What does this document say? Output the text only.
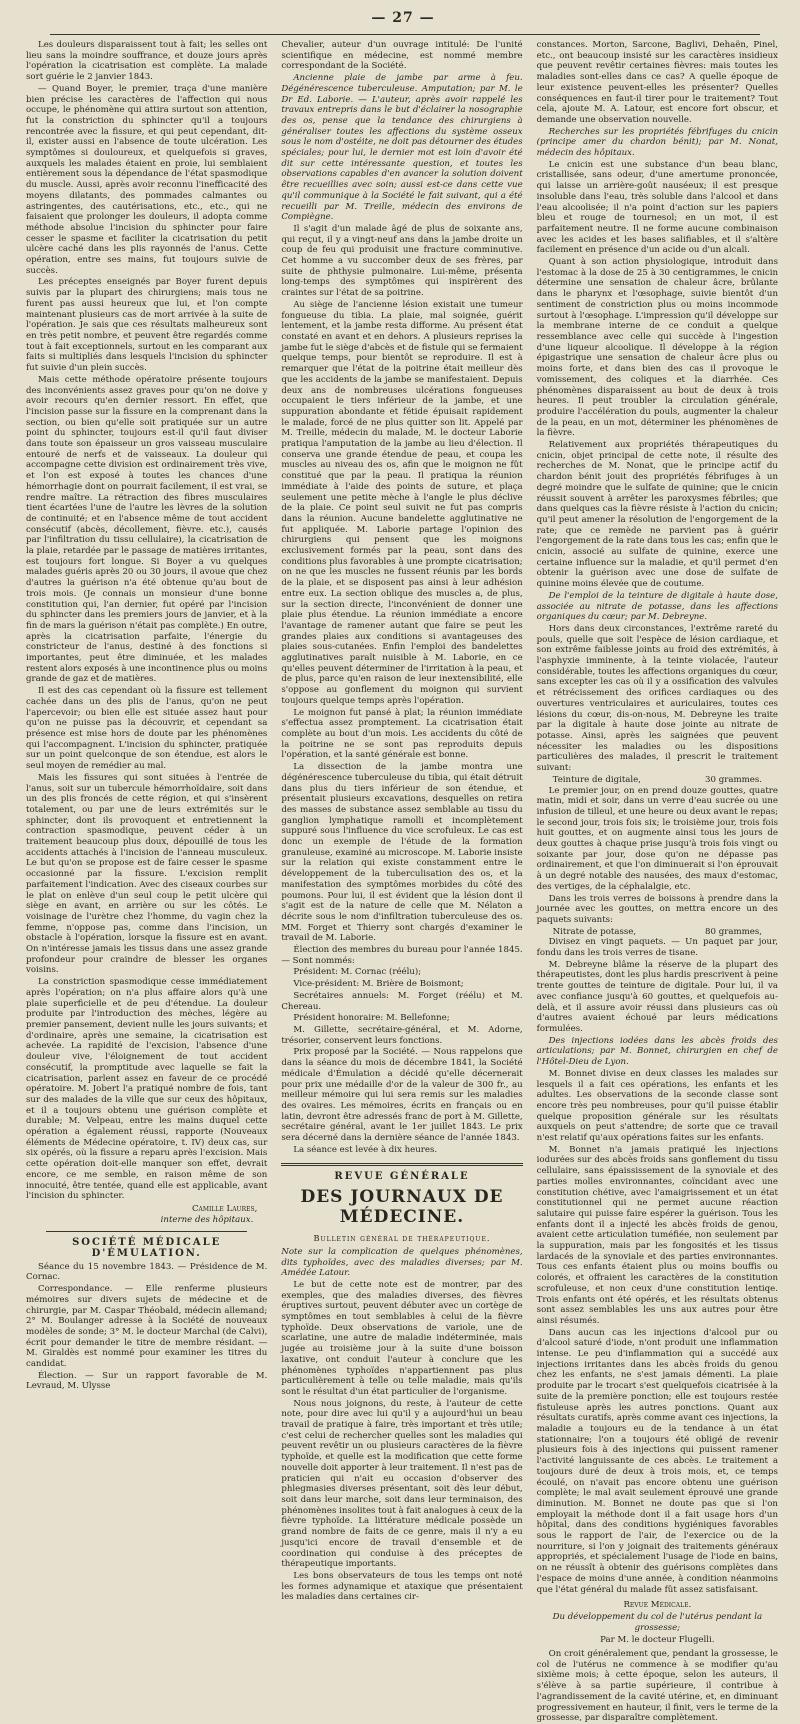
— 27 —

Les douleurs disparaissent tout à fait; les selles ont lieu sans la moindre souffrance, et douze jours après l'opération la cicatrisation est complète. La malade sort guérie le 2 janvier 1843.

— Quand Boyer, le premier, traça d'une manière bien précise les caractères de l'affection qui nous occupe, le phénomène qui attira surtout son attention, fut la constriction du sphincter qu'il a toujours rencontrée avec la fissure, et qui peut cependant, dit-il, exister aussi en l'absence de toute ulcération. Les symptômes si douloureux, et quelquefois si graves, auxquels les malades étaient en proie, lui semblaient entièrement sous la dépendance de l'état spasmodique du muscle. Aussi, après avoir reconnu l'inefficacité des moyens dilatants, des pommades calmantes ou astringentes, des cautérisations, etc., etc., qui ne faisaient que prolonger les douleurs, il adopta comme méthode absolue l'incision du sphincter pour faire cesser le spasme et faciliter la cicatrisation du petit ulcère caché dans les plis rayonnés de l'anus. Cette opération, entre ses mains, fut toujours suivie de succès.

Les préceptes enseignés par Boyer furent depuis suivis par la plupart des chirurgiens; mais tous ne furent pas aussi heureux que lui, et l'on compte maintenant plusieurs cas de mort arrivée à la suite de l'opération. Je sais que ces résultats malheureux sont en très petit nombre, et peuvent être regardés comme tout à fait exceptionnels, surtout en les comparant aux faits si multipliés dans lesquels l'incision du sphincter fut suivie d'un plein succès.

Mais cette méthode opératoire présente toujours des inconvénients assez graves pour qu'on ne doive y avoir recours qu'en dernier ressort. En effet, que l'incision passe sur la fissure en la comprenant dans la section, ou bien qu'elle soit pratiquée sur un autre point du sphincter, toujours est-il qu'il faut diviser dans toute son épaisseur un gros vaisseau musculaire entouré de nerfs et de vaisseaux. La douleur qui accompagne cette division est ordinairement très vive, et l'on est exposé à toutes les chances d'une hémorrhagie dont on pourrait facilement, il est vrai, se rendre maître. La rétraction des fibres musculaires tient écartées l'une de l'autre les lèvres de la solution de continuité; et en l'absence même de tout accident consécutif (abcès, décollement, fièvre. etc.), causés par l'infiltration du tissu cellulaire), la cicatrisation de la plaie, retardée par le passage de matières irritantes, est toujours fort longue. Si Boyer a vu quelques malades guéris après 20 ou 30 jours, il avoue que chez d'autres la guérison n'a été obtenue qu'au bout de trois mois. (Je connais un monsieur d'une bonne constitution qui, l'an dernier, fut opéré par l'incision du sphincter dans les premiers jours de janvier, et à la fin de mars la guérison n'était pas complète.) En outre, après la cicatrisation parfaite, l'énergie du constricteur de l'anus, destiné à des fonctions si importantes, peut être diminuée, et les malades restent alors exposés à une incontinence plus ou moins grande de gaz et de matières.

Il est des cas cependant où la fissure est tellement cachée dans un des plis de l'anus, qu'on ne peut l'apercevoir; ou bien elle est située assez haut pour qu'on ne puisse pas la découvrir, et cependant sa présence est mise hors de doute par les phénomènes qui l'accompagnent. L'incision du sphincter, pratiquée sur un point quelconque de son étendue, est alors le seul moyen de remédier au mal.

Mais les fissures qui sont situées à l'entrée de l'anus, soit sur un tubercule hémorrhoïdaire, soit dans un des plis froncés de cette région, et qui s'insèrent totalement, ou par une de leurs extrémités sur le sphincter, dont ils provoquent et entretiennent la contraction spasmodique, peuvent céder à un traitement beaucoup plus doux, dépouillé de tous les accidents attachés à l'incision de l'anneau musculeux. Le but qu'on se propose est de faire cesser le spasme occasionné par la fissure. L'excision remplit parfaitement l'indication. Avec des ciseaux courbes sur le plat on enlève d'un seul coup le petit ulcère qui siège en avant, en arrière ou sur les côtés. Le voisinage de l'urètre chez l'homme, du vagin chez la femme, n'oppose pas, comme dans l'incision, un obstacle à l'opération, lorsque la fissure est en avant. On n'intéresse jamais les tissus dans une assez grande profondeur pour craindre de blesser les organes voisins.

La constriction spasmodique cesse immédiatement après l'opération; on n'a plus affaire alors qu'à une plaie superficielle et de peu d'étendue. La douleur produite par l'introduction des mèches, légère au premier pansement, devient nulle les jours suivants; et d'ordinaire, après une semaine, la cicatrisation est achevée. La rapidité de l'excision, l'absence d'une douleur vive, l'éloignement de tout accident consécutif, la promptitude avec laquelle se fait la cicatrisation, parlent assez en faveur de ce procédé opératoire. M. Jobert l'a pratiqué nombre de fois, tant sur des malades de la ville que sur ceux des hôpitaux, et il a toujours obtenu une guérison complète et durable; M. Velpeau, entre les mains duquel cette opération a également réussi, rapporte (Nouveaux éléments de Médecine opératoire, t. IV) deux cas, sur six opérés, où la fissure a reparu après l'excision. Mais cette opération doit-elle manquer son effet, devrait encore, ce me semble, en raison même de son innocuité, être tentée, quand elle est applicable, avant l'incision du sphincter.

Camille Laures,
interne des hôpitaux.
SOCIÉTÉ MÉDICALE D'ÉMULATION.

Séance du 15 novembre 1843. — Présidence de M. Cornac.

Correspondance. — Elle renferme plusieurs mémoires sur divers sujets de médecine et de chirurgie, par M. Caspar Théobald, médecin allemand; 2° M. Boulanger adresse à la Société de nouveaux modèles de sonde; 3° M. le docteur Marchal (de Calvi), écrit pour demander le titre de membre résidant. — M. Giraldès est nommé pour examiner les titres du candidat.

Élection. — Sur un rapport favorable de M. Levraud, M. Ulysse

Chevalier, auteur d'un ouvrage intitulé: De l'unité scientifique en médecine, est nommé membre correspondant de la Société.

Ancienne plaie de jambe par arme à feu. Dégénérescence tuberculeuse. Amputation; par M. le Dr Ed. Laborie. — L'auteur, après avoir rappelé les travaux entrepris dans le but d'éclairer la nosographie des os, pense que la tendance des chirurgiens à généraliser toutes les affections du système osseux sous le nom d'ostéite, ne doit pas détourner des études spéciales; pour lui, le dernier mot est loin d'avoir été dit sur cette intéressante question, et toutes les observations capables d'en avancer la solution doivent être recueillies avec soin; aussi est-ce dans cette vue qu'il communique à la Société le fait suivant, qui a été recueilli par M. Treille, médecin des environs de Compiègne.

Il s'agit d'un malade âgé de plus de soixante ans, qui reçut, il y a vingt-neuf ans dans la jambe droite un coup de feu qui produisit une fracture comminutive. Cet homme a vu succomber deux de ses frères, par suite de phthysie pulmonaire. Lui-même, présenta long-temps des symptômes qui inspirèrent des craintes sur l'état de sa poitrine.

Au siège de l'ancienne lésion existait une tumeur fongueuse du tibia. La plaie, mal soignée, guérit lentement, et la jambe resta difforme. Au présent état constaté en avant et en dehors. A plusieurs reprises la jambe fut le siège d'abcès et de fistule qui se fermaient quelque temps, pour bientôt se reproduire. Il est à remarquer que l'état de la poitrine était meilleur dès que les accidents de la jambe se manifestaient. Depuis deux ans de nombreuses ulcérations fongueuses occupaient le tiers inférieur de la jambe, et une suppuration abondante et fétide épuisait rapidement le malade, forcé de ne plus quitter son lit. Appelé par M. Treille, médecin du malade, M. le docteur Laborie pratiqua l'amputation de la jambe au lieu d'élection. Il conserva une grande étendue de peau, et coupa les muscles au niveau des os, afin que le moignon ne fût constitué que par la peau. Il pratiqua la réunion immédiate à l'aide des points de suture, et plaça seulement une petite mèche à l'angle le plus déclive de la plaie. Ce point seul suivit ne fut pas compris dans la réunion. Aucune bandelette agglutinative ne fut appliquée. M. Laborie partage l'opinion des chirurgiens qui pensent que les moignons exclusivement formés par la peau, sont dans des conditions plus favorables à une prompte cicatrisation; on ne que les muscles ne fussent réunis par les bords de la plaie, et se disposent pas ainsi à leur adhésion entre eux. La section oblique des muscles a, de plus, sur la section directe, l'inconvénient de donner une plaie plus étendue. La réunion immédiate a encore l'avantage de ramener autant que faire se peut les grandes plaies aux conditions si avantageuses des plaies sous-cutanées. Enfin l'emploi des bandelettes agglutinatives paraît nuisible à M. Laborie, en ce qu'elles peuvent déterminer de l'irritation à la peau, et de plus, parce qu'en raison de leur inextensibilité, elle s'oppose au gonflement du moignon qui survient toujours quelque temps après l'opération.

Le moignon fut pansé à plat; la réunion immédiate s'effectua assez promptement. La cicatrisation était complète au bout d'un mois. Les accidents du côté de la poitrine ne se sont pas reproduits depuis l'opération, et la santé générale est bonne.

La dissection de la jambe montra une dégénérescence tuberculeuse du tibia, qui était détruit dans plus du tiers inférieur de son étendue, et présentait plusieurs excavations, desquelles on retira des masses de substance assez semblable au tissu du ganglion lymphatique ramolli et incomplètement suppuré sous l'influence du vice scrofuleux. Le cas est donc un exemple de l'étude de la formation granuleuse, examiné au microscope. M. Laborie insiste sur la relation qui existe constamment entre le développement de la tuberculisation des os, et la manifestation des symptômes morbides du côté des poumons. Pour lui, il est évident que la lésion dont il s'agit est de la nature de celle que M. Nélaton a décrite sous le nom d'infiltration tuberculeuse des os. MM. Forget et Thierry sont chargés d'examiner le travail de M. Laborie.

Élection des membres du bureau pour l'année 1845. — Sont nommés:

Président: M. Cornac (réélu);

Vice-président: M. Brière de Boismont;

Secrétaires annuels: M. Forget (réélu) et M. Chereau.

Président honoraire: M. Bellefonne;

M. Gillette, secrétaire-général, et M. Adorne, trésorier, conservent leurs fonctions.

Prix proposé par la Société. — Nous rappelons que dans la séance du mois de décembre 1841, la Société médicale d'Émulation a décidé qu'elle décernerait pour prix une médaille d'or de la valeur de 300 fr., au meilleur mémoire qui lui sera remis sur les maladies des ovaires. Les mémoires, écrits en français ou en latin, devront être adressés franc de port à M. Gillette, secrétaire général, avant le 1er juillet 1843. Le prix sera décerné dans la dernière séance de l'année 1843.

La séance est levée à dix heures.

REVUE GÉNÉRALE
DES JOURNAUX DE MÉDECINE.
Bulletin général de thérapeutique.

Note sur la complication de quelques phénomènes, dits typhoïdes, avec des maladies diverses; par M. Amédée Latour.

Le but de cette note est de montrer, par des exemples, que des maladies diverses, des fièvres éruptives surtout, peuvent débuter avec un cortège de symptômes en tout semblables à celui de la fièvre typhoïde. Deux observations de variole, une de scarlatine, une autre de maladie indéterminée, mais jugée au troisième jour à la suite d'une boisson laxative, ont conduit l'auteur à conclure que les phénomènes typhoïdes n'appartiennent pas plus particulièrement à telle ou telle maladie, mais qu'ils sont le résultat d'un état particulier de l'organisme.

Nous nous joignons, du reste, à l'auteur de cette note, pour dire avec lui qu'il y a aujourd'hui un beau travail de pratique à faire, très important et très utile; c'est celui de rechercher quelles sont les maladies qui peuvent revêtir un ou plusieurs caractères de la fièvre typhoïde, et quelle est la modification que cette forme nouvelle doit apporter à leur traitement. Il n'est pas de praticien qui n'ait eu occasion d'observer des phlegmasies diverses présentant, soit dès leur début, soit dans leur marche, soit dans leur terminaison, des phénomènes insolites tout à fait analogues à ceux de la fièvre typhoïde. La littérature médicale possède un grand nombre de faits de ce genre, mais il n'y a eu jusqu'ici encore de travail d'ensemble et de coordination qui conduise à des préceptes de thérapeutique importants.

Les bons observateurs de tous les temps ont noté les formes adynamique et ataxique que présentaient les maladies dans certaines cir-

constances. Morton, Sarcone, Baglivi, Dehaën, Pinel, etc., ont beaucoup insisté sur les caractères insidieux que peuvent revêtir certaines fièvres: mais toutes les maladies sont-elles dans ce cas? A quelle époque de leur existence peuvent-elles les présenter? Quelles conséquences en faut-il tirer pour le traitement? Tout cela, ajoute M. A. Latour, est encore fort obscur, et demande une observation nouvelle.

Recherches sur les propriétés fébrifuges du cnicin (principe amer du chardon bénit); par M. Nonat, médecin des hôpitaux.

Le cnicin est une substance d'un beau blanc, cristallisée, sans odeur, d'une amertume prononcée, qui laisse un arrière-goût nauséeux; il est presque insoluble dans l'eau, très soluble dans l'alcool et dans l'eau alcoolisée; il n'a point d'action sur les papiers bleu et rouge de tournesol; en un mot, il est parfaitement neutre. Il ne forme aucune combinaison avec les acides et les bases salifiables, et il s'altère facilement en présence d'un acide ou d'un alcali.

Quant à son action physiologique, introduit dans l'estomac à la dose de 25 à 30 centigrammes, le cnicin détermine une sensation de chaleur âcre, brûlante dans le pharynx et l'œsophage, suivie bientôt d'un sentiment de constriction plus ou moins incommode surtout à l'œsophage. L'impression qu'il développe sur la membrane interne de ce conduit a quelque ressemblance avec celle qui succède à l'ingestion d'une liqueur alcoolique. Il développe à la région épigastrique une sensation de chaleur âcre plus ou moins forte, et dans bien des cas il provoque le vomissement, des coliques et la diarrhée. Ces phénomènes disparaissent au bout de deux à trois heures. Il peut troubler la circulation générale, produire l'accélération du pouls, augmenter la chaleur de la peau, en un mot, déterminer les phénomènes de la fièvre.

Relativement aux propriétés thérapeutiques du cnicin, objet principal de cette note, il résulte des recherches de M. Nonat, que le principe actif du chardon bénit jouit des propriétés fébrifuges à un degré moindre que le sulfate de quinine; que le cnicin réussit souvent à arrêter les paroxysmes fébriles; que dans quelques cas la fièvre résiste à l'action du cnicin; qu'il peut amener la résolution de l'engorgement de la rate; que ce remède ne parvient pas à guérir l'engorgement de la rate dans tous les cas; enfin que le cnicin, associé au sulfate de quinine, exerce une certaine influence sur la maladie, et qu'il permet d'en obtenir la guérison avec une dose de sulfate de quinine moins élevée que de coutume.

De l'emploi de la teinture de digitale à haute dose, associée au nitrate de potasse, dans les affections organiques du cœur; par M. Debreyne.

Hors dans deux circonstances, l'extrême rareté du pouls, quelle que soit l'espèce de lésion cardiaque, et son extrême faiblesse joints au froid des extrémités, à l'asphyxie imminente, à la teinte violacée, l'auteur considérable, toutes les affections organiques du cœur, sans excepter les cas où il y a ossification des valvules et rétrécissement des orifices cardiaques ou des ouvertures ventriculaires et auriculaires, toutes ces lésions du cœur, dis-on-nous, M. Debreyne les traite par la digitale à haute dose jointe au nitrate de potasse. Ainsi, après les saignées que peuvent nécessiter les maladies ou les dispositions particulières des malades, il prescrit le traitement suivant:

Teinture de digitale,	30 grammes.

Le premier jour, on en prend douze gouttes, quatre matin, midi et soir, dans un verre d'eau sucrée ou une infusion de tilleul, et une heure ou deux avant le repas; le second jour, trois fois six; le troisième jour, trois fois huit gouttes, et on augmente ainsi tous les jours de deux gouttes à chaque prise jusqu'à trois fois vingt ou soixante par jour, dose qu'on ne dépasse pas ordinairement, et que l'on diminuerait si l'on éprouvait à un degré notable des nausées, des maux d'estomac, des vertiges, de la céphalalgie, etc.

Dans les trois verres de boissons à prendre dans la journée avec les gouttes, on mettra encore un des paquets suivants:

Nitrate de potasse,	80 grammes,

Divisez en vingt paquets. — Un paquet par jour, fondu dans les trois verres de tisane.

M. Debreyne blâme la réserve de la plupart des thérapeutistes, dont les plus hardis prescrivent à peine trente gouttes de teinture de digitale. Pour lui, il va avec confiance jusqu'à 60 gouttes, et quelquefois au-delà, et il assure avoir réussi dans plusieurs cas où d'autres avaient échoué par leurs médications formulées.

Des injections iodées dans les abcès froids des articulations; par M. Bonnet, chirurgien en chef de l'Hôtel-Dieu de Lyon.

M. Bonnet divise en deux classes les malades sur lesquels il a fait ces opérations, les enfants et les adultes. Les observations de la seconde classe sont encore très peu nombreuses, pour qu'il puisse établir quelque proposition générale sur les résultats auxquels on peut s'attendre; de sorte que ce travail n'est relatif qu'aux opérations faites sur les enfants.

M. Bonnet n'a jamais pratiqué les injections iodurées sur des abcès froids sans gonflement du tissu cellulaire, sans épaississement de la synoviale et des parties molles environnantes, coïncidant avec une constitution chétive, avec l'amaigrissement et un état constitutionnel qui ne permet aucune réaction salutaire qui puisse faire espérer la guérison. Tous les enfants dont il a injecté les abcès froids de genou, avaient cette articulation tuméfiée, non seulement par la suppuration, mais par les fongosités et les tissus lardacés de la synoviale et des parties environnantes. Tous ces enfants étaient plus ou moins bouffis ou colorés, et offraient les caractères de la constitution scrofuleuse, et non ceux d'une constitution lentiqe. Trois enfants ont été opérés, et les résultats obtenus sont assez semblables les uns aux autres pour être ainsi résumés.

Dans aucun cas les injections d'alcool pur ou d'alcool saturé d'iode, n'ont produit une inflammation intense. Le peu d'inflammation qui a succédé aux injections irritantes dans les abcès froids du genou chez les enfants, ne s'est jamais démenti. La plaie produite par le trocart s'est quelquefois cicatrisée à la suite de la première ponction; elle est toujours restée fistuleuse après les autres ponctions. Quant aux résultats curatifs, après comme avant ces injections, la maladie a toujours eu de la tendance à un état stationnaire; l'on a toujours été obligé de revenir plusieurs fois à des injections qui puissent ramener l'activité languissante de ces abcès. Le traitement a toujours duré de deux à trois mois, et, ce temps écoulé, on n'avait pas encore obtenu une guérison complète; le mal avait seulement éprouvé une grande diminution. M. Bonnet ne doute pas que si l'on employait la méthode dont il a fait usage hors d'un hôpital, dans des conditions hygiéniques favorables sous le rapport de l'air, de l'exercice ou de la nourriture, si l'on y joignait des traitements généraux appropriés, et spécialement l'usage de l'iode en bains, on ne réussît à obtenir des guérisons complètes dans l'espace de moins d'une année, à condition néanmoins que l'état général du malade fût assez satisfaisant.

Revue Médicale.
Du développement du col de l'utérus pendant la grossesse;
Par M. le docteur Flugelli.

On croit généralement que, pendant la grossesse, le col de l'utérus ne commence à se modifier qu'au sixième mois; à cette époque, selon les auteurs, il s'élève à sa partie supérieure, il contribue à l'agrandissement de la cavité utérine, et, en diminuant progressivement en hauteur, il finit, vers le terme de la grossesse, par disparaître complètement.
